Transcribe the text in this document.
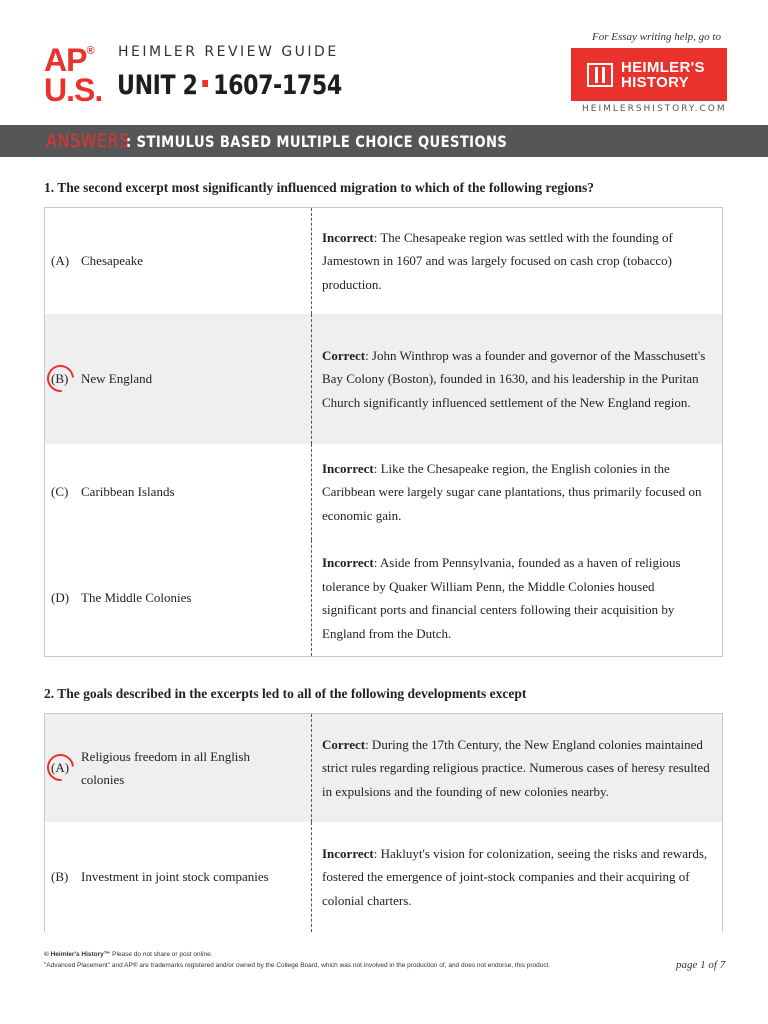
AP®
U.S.
HEIMLER REVIEW GUIDE
UNIT 2 1607-1754
For Essay writing help, go to
HEIMLER'S
HISTORY
HEIMLERSHISTORY.COM
ANSWERS
: STIMULUS BASED MULTIPLE CHOICE QUESTIONS
1. The second excerpt most significantly influenced migration to which of the following regions?
(A) Chesapeake
Incorrect: The Chesapeake region was settled with the founding of Jamestown in 1607 and was largely focused on cash crop (tobacco) production.
(B) New England
Correct: John Winthrop was a founder and governor of the Masschusett's Bay Colony (Boston), founded in 1630, and his leadership in the Puritan Church significantly influenced settlement of the New England region.
(C) Caribbean Islands
Incorrect: Like the Chesapeake region, the English colonies in the Caribbean were largely sugar cane plantations, thus primarily focused on economic gain.
(D) The Middle Colonies
Incorrect: Aside from Pennsylvania, founded as a haven of religious tolerance by Quaker William Penn, the Middle Colonies housed significant ports and financial centers following their acquisition by England from the Dutch.
2. The goals described in the excerpts led to all of the following developments except
(A)
Religious freedom in all English colonies
Correct: During the 17th Century, the New England colonies maintained strict rules regarding religious practice. Numerous cases of heresy resulted in expulsions and the founding of new colonies nearby.
(B) Investment in joint stock companies
Incorrect: Hakluyt's vision for colonization, seeing the risks and rewards, fostered the emergence of joint-stock companies and their acquiring of colonial charters.
© Heimler's History™ Please do not share or post online.
"Advanced Placement" and AP® are trademarks registered and/or owned by the College Board, which was not involved in the production of, and does not endorse, this product.	page 1 of 7
